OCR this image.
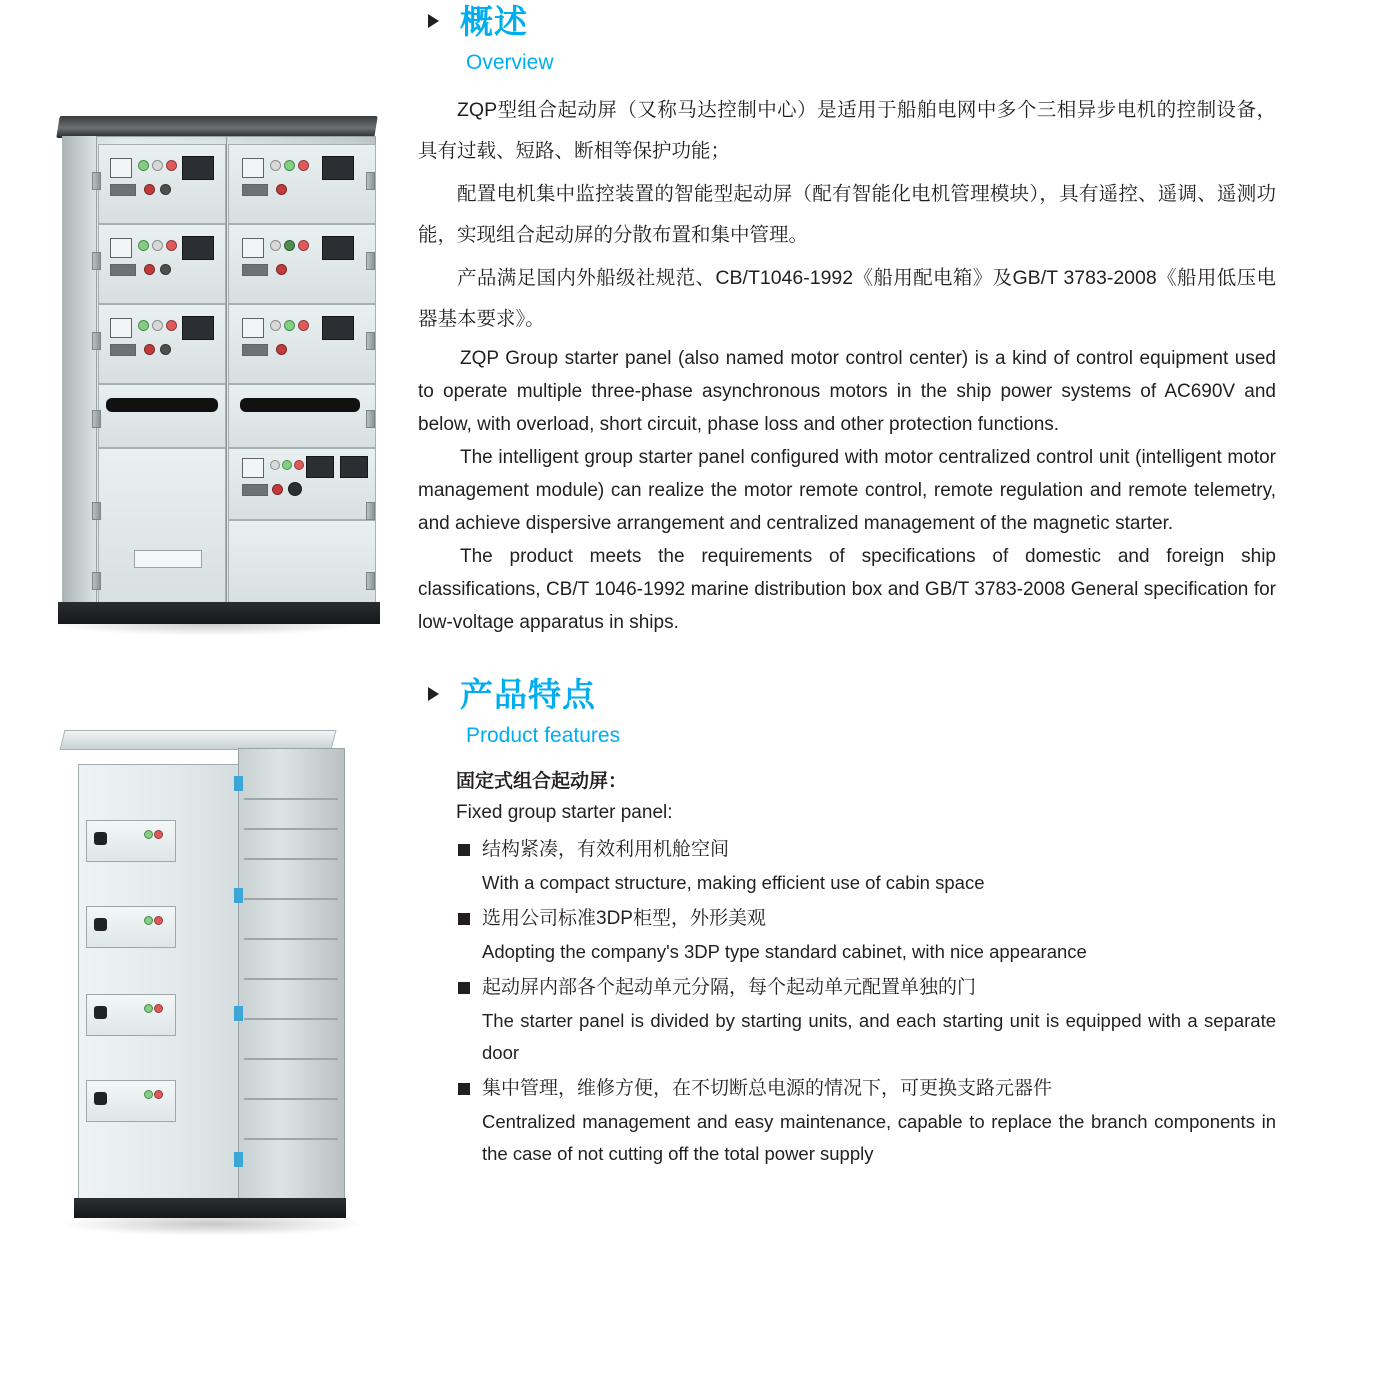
概述
Overview

ZQP型组合起动屏（又称马达控制中心）是适用于船舶电网中多个三相异步电机的控制设备，具有过载、短路、断相等保护功能；

配置电机集中监控装置的智能型起动屏（配有智能化电机管理模块），具有遥控、遥调、遥测功能，实现组合起动屏的分散布置和集中管理。

产品满足国内外船级社规范、CB/T1046-1992《船用配电箱》及GB/T 3783-2008《船用低压电器基本要求》。

ZQP Group starter panel (also named motor control center) is a kind of control equipment used to operate multiple three-phase asynchronous motors in the ship power systems of AC690V and below, with overload, short circuit, phase loss and other protection functions.

The intelligent group starter panel configured with motor centralized control unit (intelligent motor management module) can realize the motor remote control, remote regulation and remote telemetry, and achieve dispersive arrangement and centralized management of the magnetic starter.

The product meets the requirements of specifications of domestic and foreign ship classifications, CB/T 1046-1992 marine distribution box and GB/T 3783-2008 General specification for low-voltage apparatus in ships.

产品特点
Product features
固定式组合起动屏：
Fixed group starter panel:
结构紧凑，有效利用机舱空间
With a compact structure, making efficient use of cabin space
选用公司标准3DP柜型，外形美观
Adopting the company's 3DP type standard cabinet, with nice appearance
起动屏内部各个起动单元分隔，每个起动单元配置单独的门
The starter panel is divided by starting units, and each starting unit is equipped with a separate door
集中管理，维修方便，在不切断总电源的情况下，可更换支路元器件
Centralized management and easy maintenance, capable to replace the branch components in the case of not cutting off the total power supply
